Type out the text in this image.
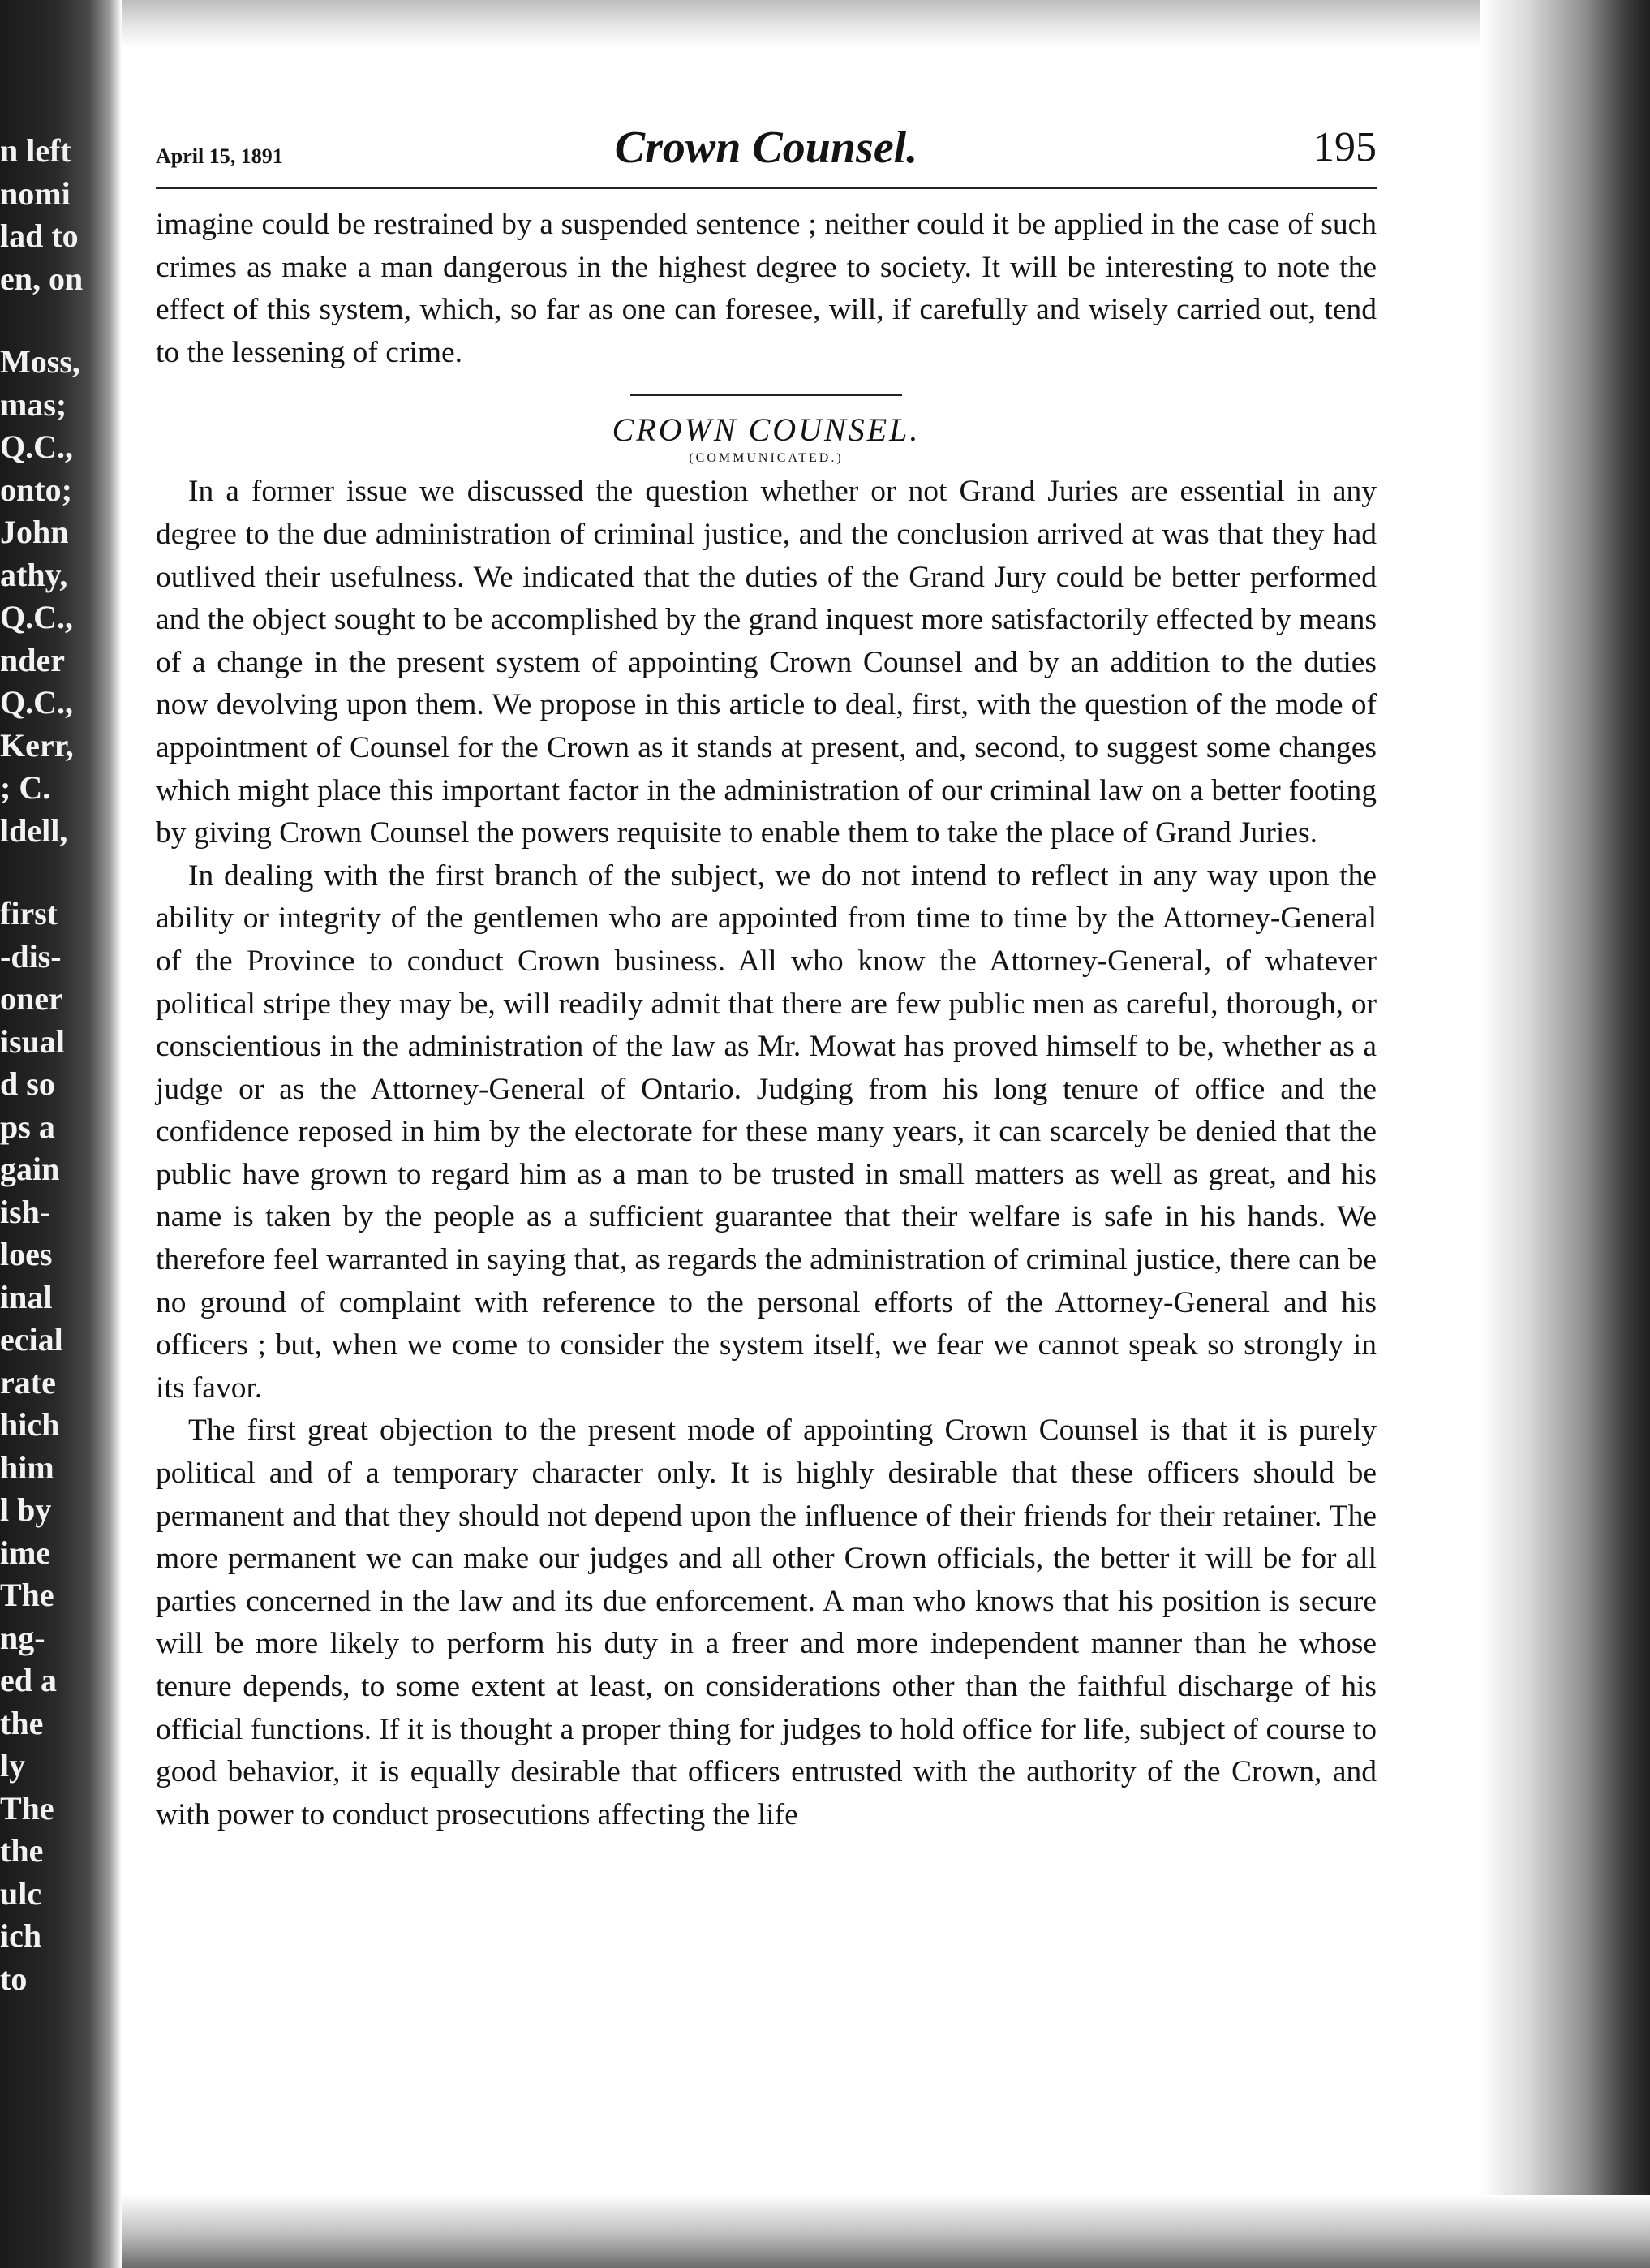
n left
nomi
lad to
en, on
Moss,
mas;
Q.C.,
onto;
John
athy,
Q.C.,
nder
Q.C.,
Kerr,
; C.
ldell,
first
-dis-
oner
isual
d so
ps a
gain
ish-
loes
inal
ecial
rate
hich
him
l by
ime
The
ng-
ed a
the
ly
The
the
ulc
ich
to
April 15, 1891	Crown Counsel.	195

imagine could be restrained by a suspended sentence ; neither could it be applied in the case of such crimes as make a man dangerous in the highest degree to society. It will be interesting to note the effect of this system, which, so far as one can foresee, will, if carefully and wisely carried out, tend to the lessening of crime.

CROWN COUNSEL.

(COMMUNICATED.)

In a former issue we discussed the question whether or not Grand Juries are essential in any degree to the due administration of criminal justice, and the conclusion arrived at was that they had outlived their usefulness. We indicated that the duties of the Grand Jury could be better performed and the object sought to be accomplished by the grand inquest more satisfactorily effected by means of a change in the present system of appointing Crown Counsel and by an addition to the duties now devolving upon them. We propose in this article to deal, first, with the question of the mode of appointment of Counsel for the Crown as it stands at present, and, second, to suggest some changes which might place this important factor in the administration of our criminal law on a better footing by giving Crown Counsel the powers requisite to enable them to take the place of Grand Juries.

In dealing with the first branch of the subject, we do not intend to reflect in any way upon the ability or integrity of the gentlemen who are appointed from time to time by the Attorney-General of the Province to conduct Crown business. All who know the Attorney-General, of whatever political stripe they may be, will readily admit that there are few public men as careful, thorough, or conscientious in the administration of the law as Mr. Mowat has proved himself to be, whether as a judge or as the Attorney-General of Ontario. Judging from his long tenure of office and the confidence reposed in him by the electorate for these many years, it can scarcely be denied that the public have grown to regard him as a man to be trusted in small matters as well as great, and his name is taken by the people as a sufficient guarantee that their welfare is safe in his hands. We therefore feel warranted in saying that, as regards the administration of criminal justice, there can be no ground of complaint with reference to the personal efforts of the Attorney-General and his officers ; but, when we come to consider the system itself, we fear we cannot speak so strongly in its favor.

The first great objection to the present mode of appointing Crown Counsel is that it is purely political and of a temporary character only. It is highly desirable that these officers should be permanent and that they should not depend upon the influence of their friends for their retainer. The more permanent we can make our judges and all other Crown officials, the better it will be for all parties concerned in the law and its due enforcement. A man who knows that his position is secure will be more likely to perform his duty in a freer and more independent manner than he whose tenure depends, to some extent at least, on considerations other than the faithful discharge of his official functions. If it is thought a proper thing for judges to hold office for life, subject of course to good behavior, it is equally desirable that officers entrusted with the authority of the Crown, and with power to conduct prosecutions affecting the life
